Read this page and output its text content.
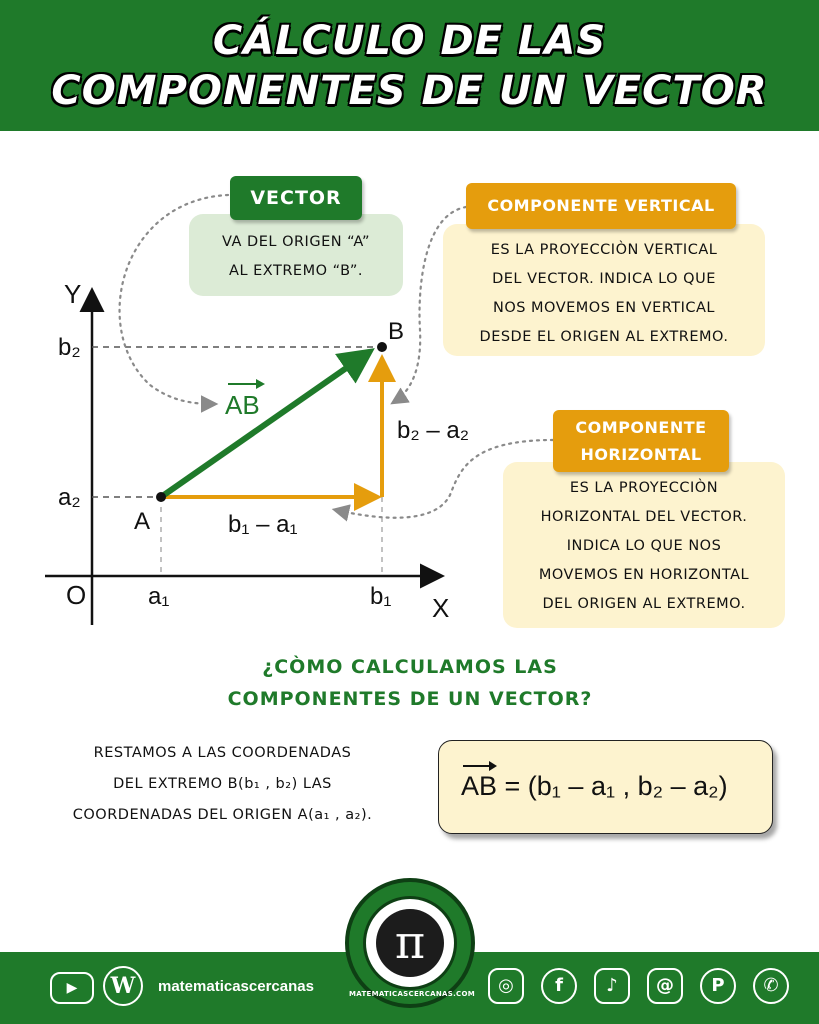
CÁLCULO DE LAS
COMPONENTES DE UN VECTOR
Y
X
O
A
B
b₂
a₂
a₁	b₁
b₁ – a₁
b₂ – a₂
AB
VA DEL ORIGEN “A”
AL EXTREMO “B”.
VECTOR
ES LA PROYECCIÒN VERTICAL
DEL VECTOR. INDICA LO QUE
NOS MOVEMOS EN VERTICAL
DESDE EL ORIGEN AL EXTREMO.
COMPONENTE VERTICAL
ES LA PROYECCIÒN
HORIZONTAL DEL VECTOR.
INDICA LO QUE NOS
MOVEMOS EN HORIZONTAL
DEL ORIGEN AL EXTREMO.
COMPONENTE
HORIZONTAL
¿CÒMO CALCULAMOS LAS
COMPONENTES DE UN VECTOR?
RESTAMOS A LAS COORDENADAS
DEL EXTREMO B(b₁ , b₂) LAS
COORDENADAS DEL ORIGEN A(a₁ , a₂).
AB = (b₁ – a₁ , b₂ – a₂)
▶	W	matematicascercanas
π
MATEMATICASCERCANAS.COM	◎	f	♪	@	P	✆
